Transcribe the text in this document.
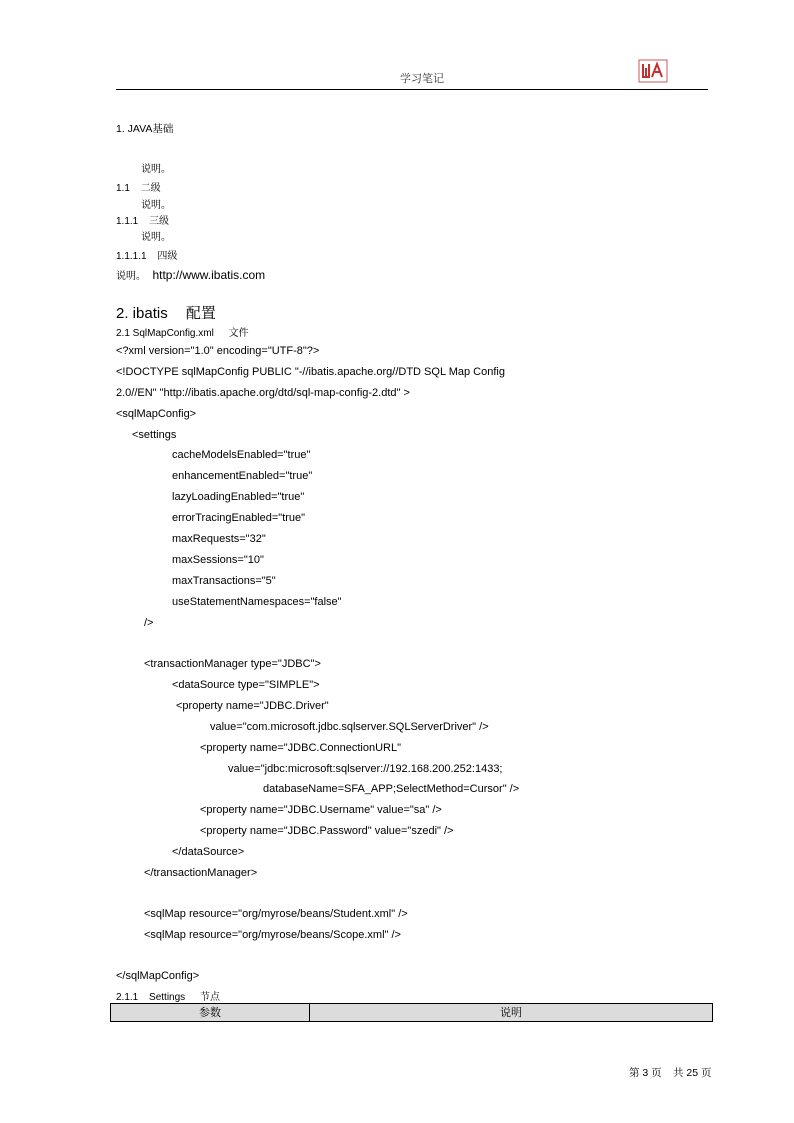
学习笔记
1. JAVA基础
说明。
1.1 二级
说明。
1.1.1 三级
说明。
1.1.1.1 四级
说明。 http://www.ibatis.com
2. ibatis 配置
2.1 SqlMapConfig.xml 文件
<?xml version="1.0" encoding="UTF-8"?>
<!DOCTYPE sqlMapConfig PUBLIC "-//ibatis.apache.org//DTD SQL Map Config
2.0//EN" "http://ibatis.apache.org/dtd/sql-map-config-2.dtd" >
<sqlMapConfig>
<settings
cacheModelsEnabled="true"
enhancementEnabled="true"
lazyLoadingEnabled="true"
errorTracingEnabled="true"
maxRequests="32"
maxSessions="10"
maxTransactions="5"
useStatementNamespaces="false"
/>
<transactionManager type="JDBC">
<dataSource type="SIMPLE">
<property name="JDBC.Driver"
value="com.microsoft.jdbc.sqlserver.SQLServerDriver" />
<property name="JDBC.ConnectionURL"
value="jdbc:microsoft:sqlserver://192.168.200.252:1433;
databaseName=SFA_APP;SelectMethod=Cursor" />
<property name="JDBC.Username" value="sa" />
<property name="JDBC.Password" value="szedi" />
</dataSource>
</transactionManager>
<sqlMap resource="org/myrose/beans/Student.xml" />
<sqlMap resource="org/myrose/beans/Scope.xml" />
</sqlMapConfig>
2.1.1 Settings 节点
参数	说明
第 3 页 共 25 页
